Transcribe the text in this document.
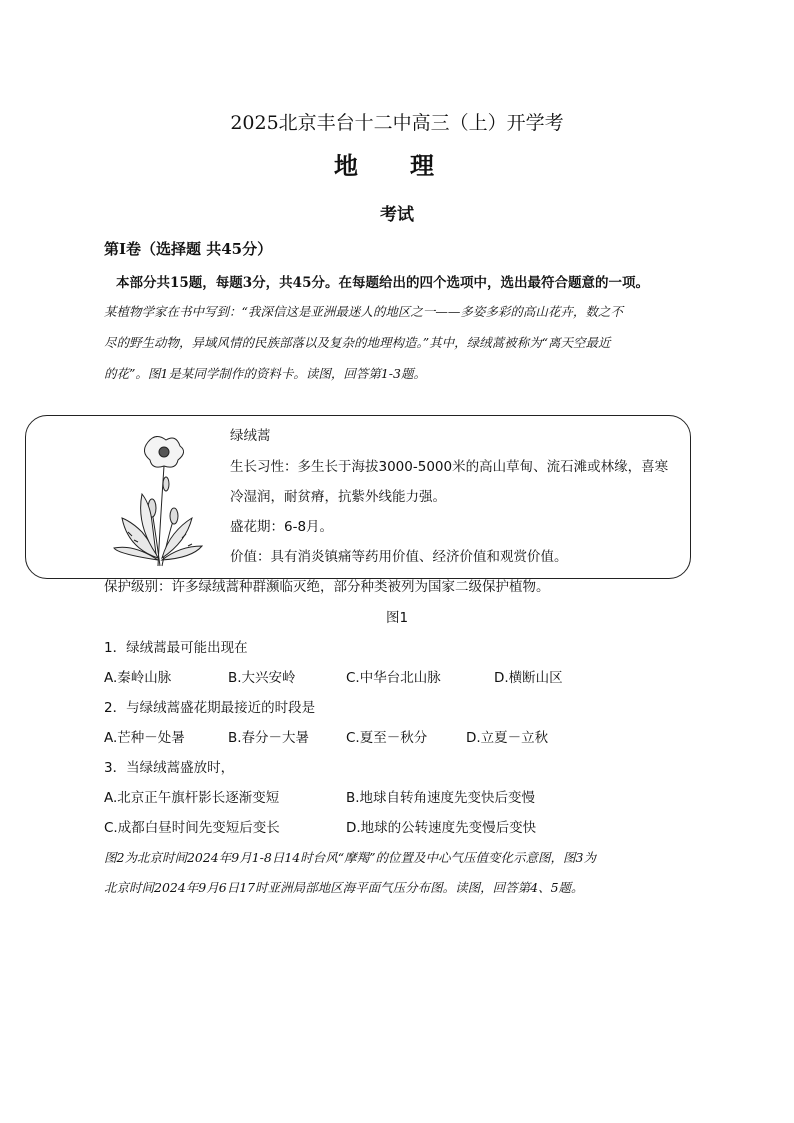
2025北京丰台十二中高三（上）开学考
地理
考试
第Ⅰ卷（选择题 共45分）
本部分共15题，每题3分，共45分。在每题给出的四个选项中，选出最符合题意的一项。
某植物学家在书中写到：“我深信这是亚洲最迷人的地区之一——多姿多彩的高山花卉，数之不
尽的野生动物，异域风情的民族部落以及复杂的地理构造。”其中，绿绒蒿被称为“离天空最近
的花”。图1是某同学制作的资料卡。读图，回答第1-3题。
绿绒蒿
生长习性：多生长于海拔3000-5000米的高山草甸、流石滩或林缘，喜寒
冷湿润，耐贫瘠，抗紫外线能力强。
盛花期：6-8月。
价值：具有消炎镇痛等药用价值、经济价值和观赏价值。
保护级别：许多绿绒蒿种群濒临灭绝，部分种类被列为国家二级保护植物。
图1
1．绿绒蒿最可能出现在
A.秦岭山脉	B.大兴安岭	C.中华台北山脉	D.横断山区
2．与绿绒蒿盛花期最接近的时段是
A.芒种－处暑	B.春分－大暑	C.夏至－秋分	D.立夏－立秋
3．当绿绒蒿盛放时，
A.北京正午旗杆影长逐渐变短	B.地球自转角速度先变快后变慢
C.成都白昼时间先变短后变长	D.地球的公转速度先变慢后变快
图2为北京时间2024年9月1-8日14时台风“摩羯”的位置及中心气压值变化示意图，图3为
北京时间2024年9月6日17时亚洲局部地区海平面气压分布图。读图，回答第4、5题。
